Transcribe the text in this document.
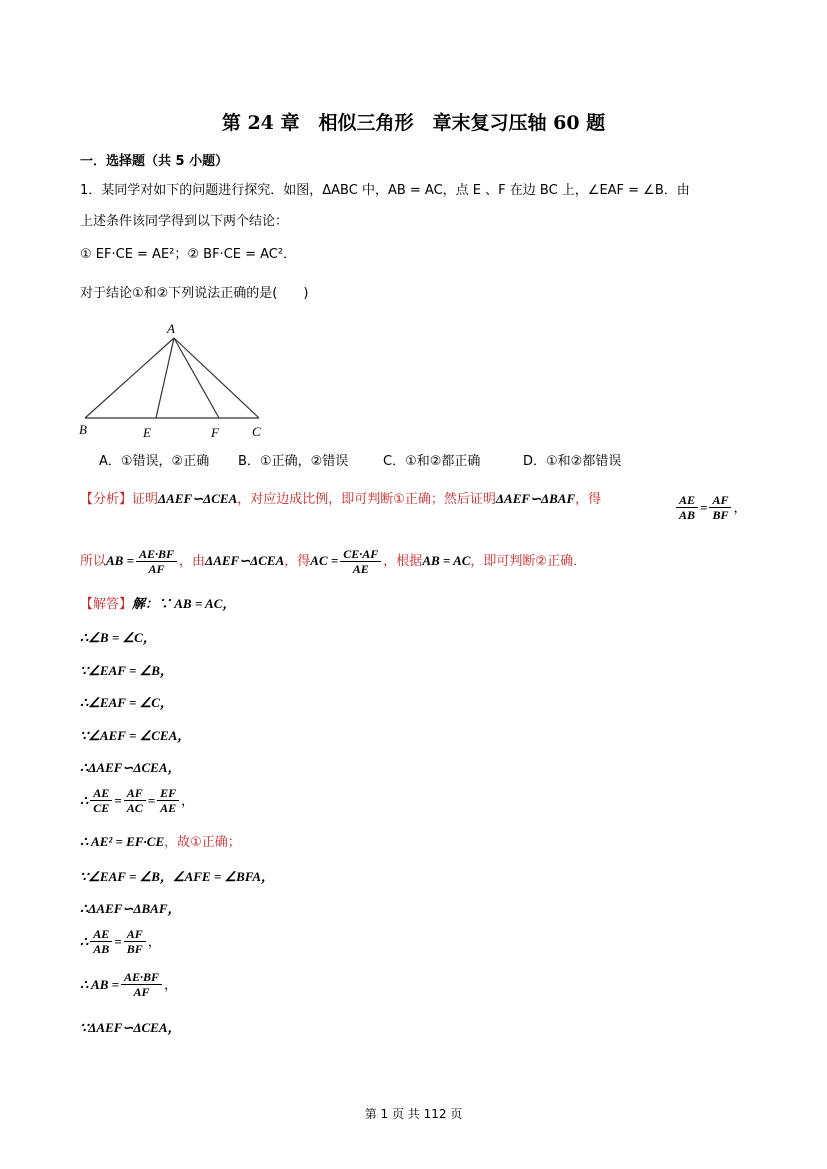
第 24 章　相似三角形　章末复习压轴 60 题
一．选择题（共 5 小题）
1．某同学对如下的问题进行探究．如图，ΔABC 中，AB = AC，点 E 、F 在边 BC 上，∠EAF = ∠B．由
上述条件该同学得到以下两个结论：
① EF·CE = AE²；② BF·CE = AC²．
对于结论①和②下列说法正确的是(　　)
A
B	E	F	C
A．①错误，②正确 B．①正确，②错误	C．①和②都正确	D．①和②都错误
【分析】证明ΔAEF∽ΔCEA，对应边成比例，即可判断①正确；然后证明ΔAEF∽ΔBAF，得	$\frac{AE}{AB} = \frac{AF}{BF}$ ，
所以AB = $\frac{AE\cdot BF}{AF}$ ，由ΔAEF∽ΔCEA，得AC = $\frac{CE\cdot AF}{AE}$ ，根据AB = AC，即可判断②正确．
【解答】解：∵ AB = AC，
∴∠B = ∠C，
∵∠EAF = ∠B，
∴∠EAF = ∠C，
∵∠AEF = ∠CEA，
∴ΔAEF∽ΔCEA，
∴ $\frac{AE}{CE} = \frac{AF}{AC} = \frac{EF}{AE}$ ，
∴ AE² = EF·CE，故①正确；
∵∠EAF = ∠B，∠AFE = ∠BFA，
∴ΔAEF∽ΔBAF，
∴ $\frac{AE}{AB} = \frac{AF}{BF}$ ，
∴ AB = $\frac{AE\cdot BF}{AF}$ ，
∵ΔAEF∽ΔCEA，
第 1 页 共 112 页
